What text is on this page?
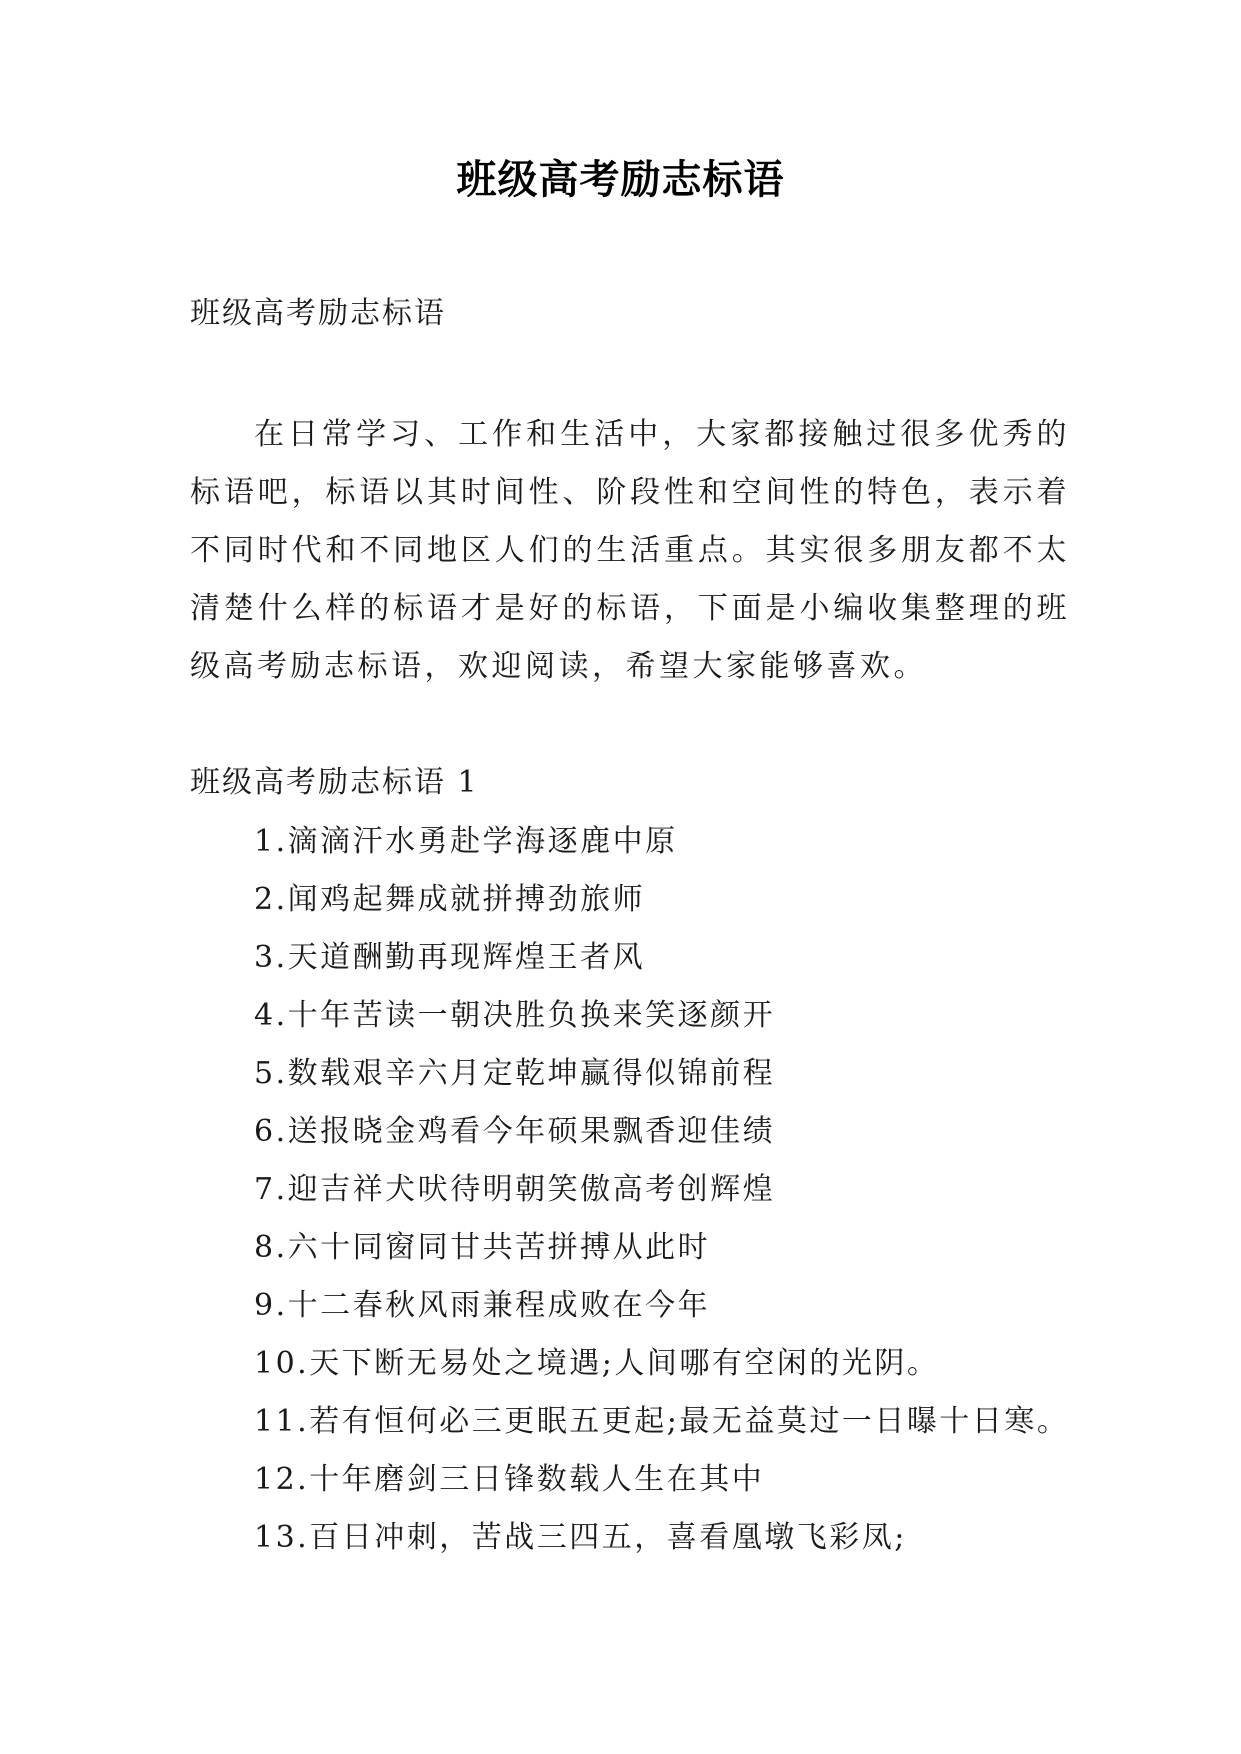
班级高考励志标语
班级高考励志标语

在日常学习、工作和生活中，大家都接触过很多优秀的标语吧，标语以其时间性、阶段性和空间性的特色，表示着不同时代和不同地区人们的生活重点。其实很多朋友都不太清楚什么样的标语才是好的标语，下面是小编收集整理的班级高考励志标语，欢迎阅读，希望大家能够喜欢。

班级高考励志标语 1
1.滴滴汗水勇赴学海逐鹿中原
2.闻鸡起舞成就拼搏劲旅师
3.天道酬勤再现辉煌王者风
4.十年苦读一朝决胜负换来笑逐颜开
5.数载艰辛六月定乾坤赢得似锦前程
6.送报晓金鸡看今年硕果飘香迎佳绩
7.迎吉祥犬吠待明朝笑傲高考创辉煌
8.六十同窗同甘共苦拼搏从此时
9.十二春秋风雨兼程成败在今年
10.天下断无易处之境遇;人间哪有空闲的光阴。
11.若有恒何必三更眠五更起;最无益莫过一日曝十日寒。
12.十年磨剑三日锋数载人生在其中
13.百日冲刺，苦战三四五，喜看凰墩飞彩凤;
